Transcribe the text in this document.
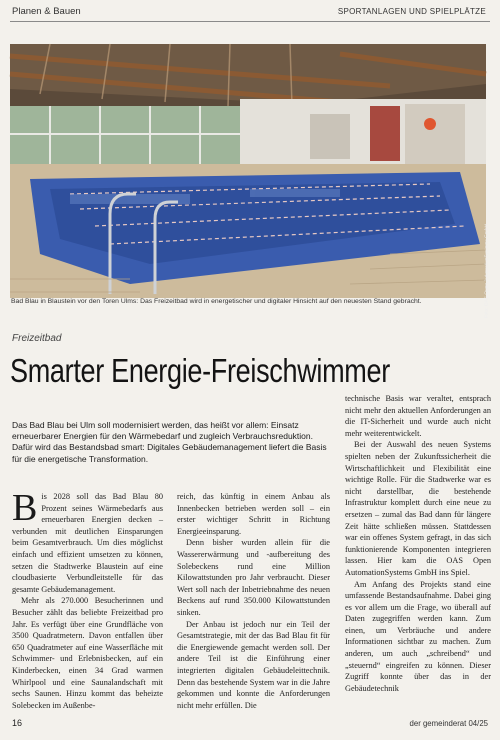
Planen & Bauen	SPORTANLAGEN UND SPIELPLÄTZE
Foto: OAS Open AutomationSystems GmbH
Bad Blau in Blaustein vor den Toren Ulms: Das Freizeitbad wird in energetischer und digitaler Hinsicht auf den neuesten Stand gebracht.
Freizeitbad
Smarter Energie-Freischwimmer
Das Bad Blau bei Ulm soll modernisiert werden, das heißt vor allem: Einsatz erneuerbarer Energien für den Wärmebedarf und zugleich Verbrauchsreduktion. Dafür wird das Bestandsbad smart: Digitales Gebäudemanagement liefert die Basis für die energetische Transformation.

Bis 2028 soll das Bad Blau 80 Prozent seines Wärmebedarfs aus erneuerbaren Energien decken – verbunden mit deutlichen Einsparungen beim Gesamtverbrauch. Um dies möglichst einfach und effizient umsetzen zu können, setzen die Stadtwerke Blaustein auf eine cloudbasierte Verbundleitstelle für das gesamte Gebäudemanagement.

Mehr als 270.000 Besucherinnen und Besucher zählt das beliebte Freizeitbad pro Jahr. Es verfügt über eine Grundfläche von 3500 Quadratmetern. Davon entfallen über 650 Quadratmeter auf eine Wasserfläche mit Schwimmer- und Erlebnisbecken, auf ein Kinderbecken, einen 34 Grad warmen Whirlpool und eine Saunalandschaft mit sechs Saunen. Hinzu kommt das beheizte Solebecken im Außenbe-

reich, das künftig in einem Anbau als Innenbecken betrieben werden soll – ein erster wichtiger Schritt in Richtung Energieeinsparung.

Denn bisher wurden allein für die Wassererwärmung und -aufbereitung des Solebeckens rund eine Million Kilowattstunden pro Jahr verbraucht. Dieser Wert soll nach der Inbetriebnahme des neuen Beckens auf rund 350.000 Kilowattstunden sinken.

Der Anbau ist jedoch nur ein Teil der Gesamtstrategie, mit der das Bad Blau fit für die Energiewende gemacht werden soll. Der andere Teil ist die Einführung einer integrierten digitalen Gebäudeleittechnik. Denn das bestehende System war in die Jahre gekommen und konnte die Anforderungen nicht mehr erfüllen. Die

technische Basis war veraltet, entsprach nicht mehr den aktuellen Anforderungen an die IT-Sicherheit und wurde auch nicht mehr weiterentwickelt.

Bei der Auswahl des neuen Systems spielten neben der Zukunftssicherheit die Wirtschaftlichkeit und Flexibilität eine wichtige Rolle. Für die Stadtwerke war es nicht darstellbar, die bestehende Infrastruktur komplett durch eine neue zu ersetzen – zumal das Bad dann für längere Zeit hätte schließen müssen. Stattdessen war ein offenes System gefragt, in das sich funktionierende Komponenten integrieren lassen. Hier kam die OAS Open AutomationSystems GmbH ins Spiel.

Am Anfang des Projekts stand eine umfassende Bestandsaufnahme. Dabei ging es vor allem um die Frage, wo überall auf Daten zugegriffen werden kann. Zum einen, um Verbräuche und andere Informationen sichtbar zu machen. Zum anderen, um auch „schreibend“ und „steuernd“ eingreifen zu können. Dieser Zugriff konnte über das in der Gebäudetechnik

16	der gemeinderat 04/25
